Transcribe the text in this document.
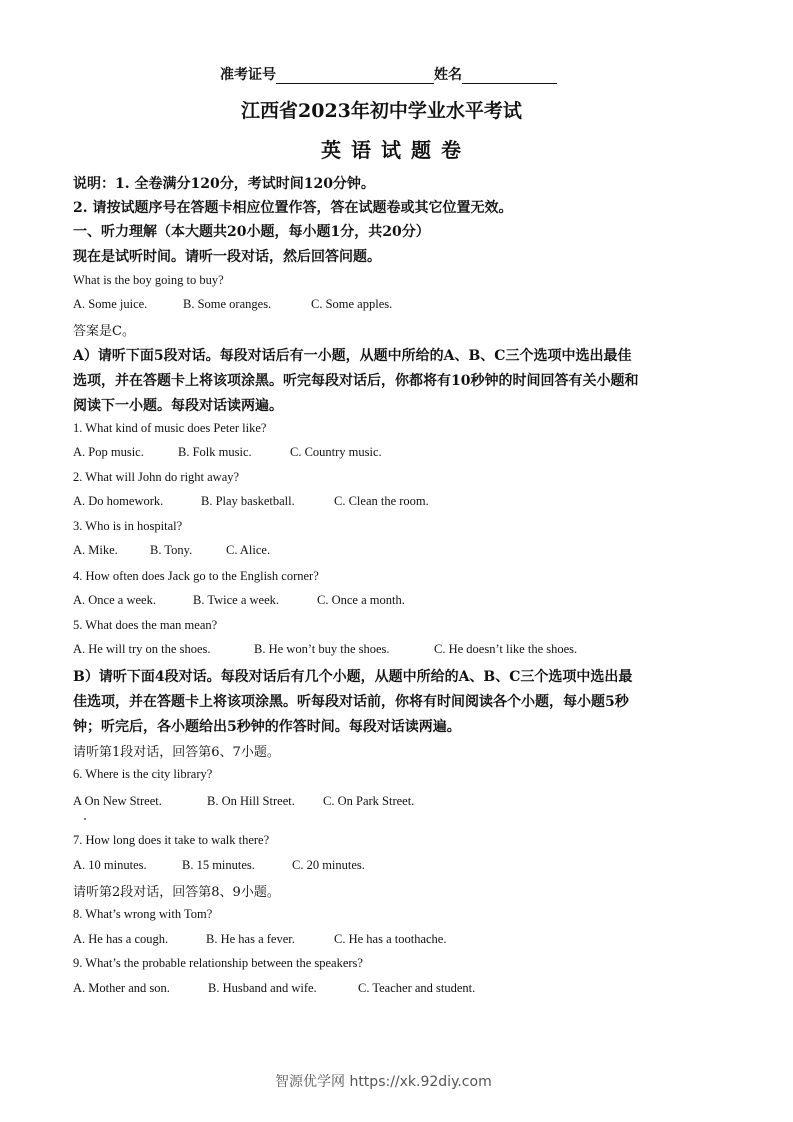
准考证号	姓名
江西省2023年初中学业水平考试
英语试题卷
说明：1. 全卷满分120分，考试时间120分钟。
2. 请按试题序号在答题卡相应位置作答，答在试题卷或其它位置无效。
一、听力理解（本大题共20小题，每小题1分，共20分）
现在是试听时间。请听一段对话，然后回答问题。
What is the boy going to buy?
A. Some juice.	B. Some oranges.	C. Some apples.
答案是C。
A）请听下面5段对话。每段对话后有一小题，从题中所给的A、B、C三个选项中选出最佳
选项，并在答题卡上将该项涂黑。听完每段对话后，你都将有10秒钟的时间回答有关小题和
阅读下一小题。每段对话读两遍。
1. What kind of music does Peter like?
A. Pop music.	B. Folk music.	C. Country music.
2. What will John do right away?
A. Do homework.	B. Play basketball.	C. Clean the room.
3. Who is in hospital?
A. Mike.	B. Tony.	C. Alice.
4. How often does Jack go to the English corner?
A. Once a week.	B. Twice a week.	C. Once a month.
5. What does the man mean?
A. He will try on the shoes.	B. He won’t buy the shoes.	C. He doesn’t like the shoes.
B）请听下面4段对话。每段对话后有几个小题，从题中所给的A、B、C三个选项中选出最
佳选项，并在答题卡上将该项涂黑。听每段对话前，你将有时间阅读各个小题，每小题5秒
钟；听完后，各小题给出5秒钟的作答时间。每段对话读两遍。
请听第1段对话，回答第6、7小题。
6. Where is the city library?
A On New Street.	B. On Hill Street. C. On Park Street.
7. How long does it take to walk there?
A. 10 minutes.	B. 15 minutes.	C. 20 minutes.
请听第2段对话，回答第8、9小题。
8. What’s wrong with Tom?
A. He has a cough.	B. He has a fever.	C. He has a toothache.
9. What’s the probable relationship between the speakers?
A. Mother and son.	B. Husband and wife.	C. Teacher and student.
智源优学网 https://xk.92diy.com
